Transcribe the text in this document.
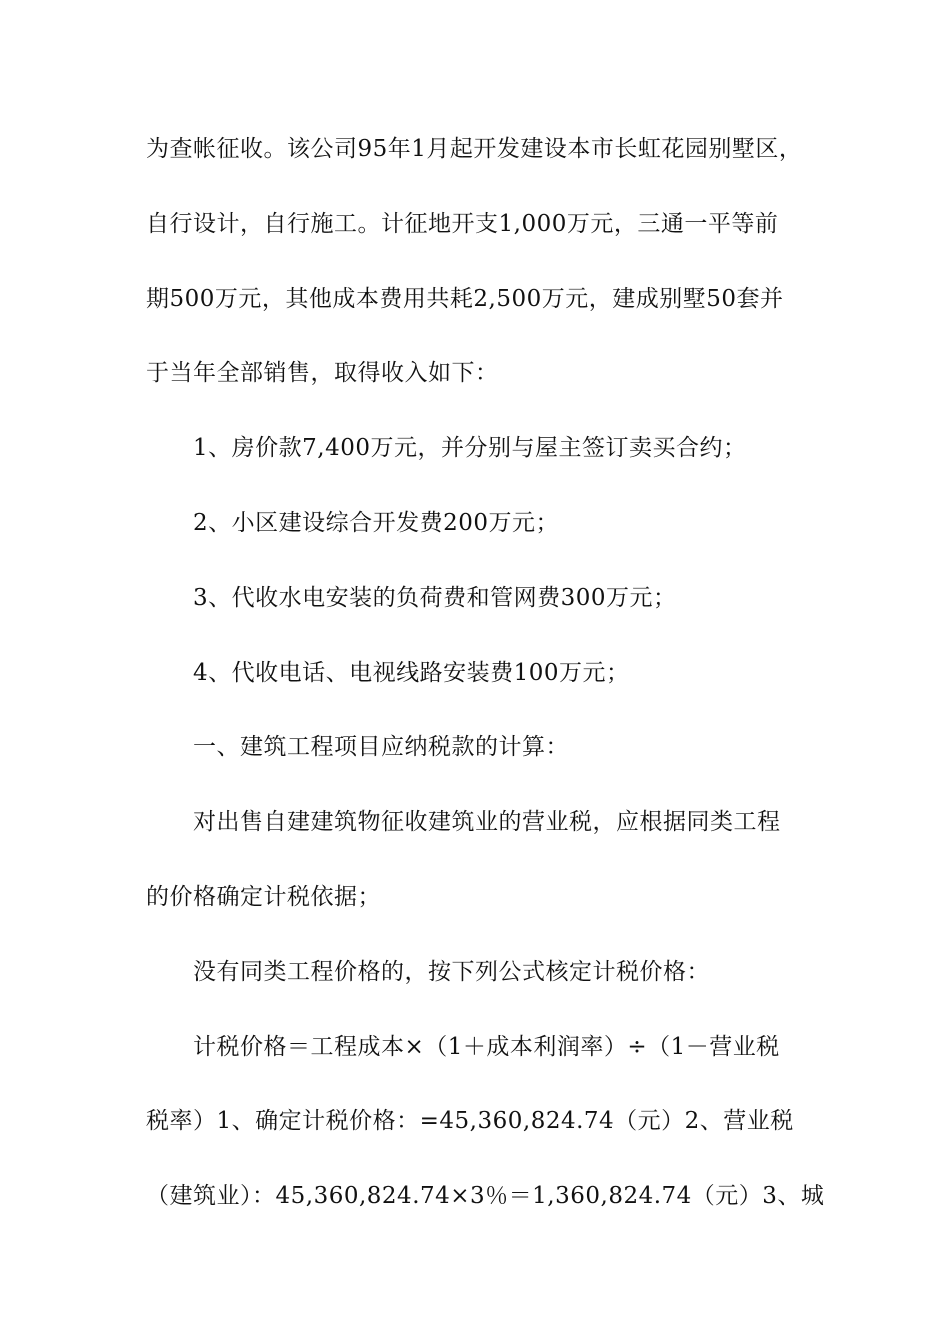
为查帐征收。该公司95年1月起开发建设本市长虹花园别墅区，
自行设计，自行施工。计征地开支1,000万元，三通一平等前
期500万元，其他成本费用共耗2,500万元，建成别墅50套并
于当年全部销售，取得收入如下：
1、房价款7,400万元，并分别与屋主签订卖买合约；
2、小区建设综合开发费200万元；
3、代收水电安装的负荷费和管网费300万元；
4、代收电话、电视线路安装费100万元；
一、建筑工程项目应纳税款的计算：
对出售自建建筑物征收建筑业的营业税，应根据同类工程
的价格确定计税依据；
没有同类工程价格的，按下列公式核定计税价格：
计税价格＝工程成本×（1＋成本利润率）÷（1－营业税
税率）1、确定计税价格：=45,360,824.74（元）2、营业税
（建筑业）：45,360,824.74×3％＝1,360,824.74（元）3、城
